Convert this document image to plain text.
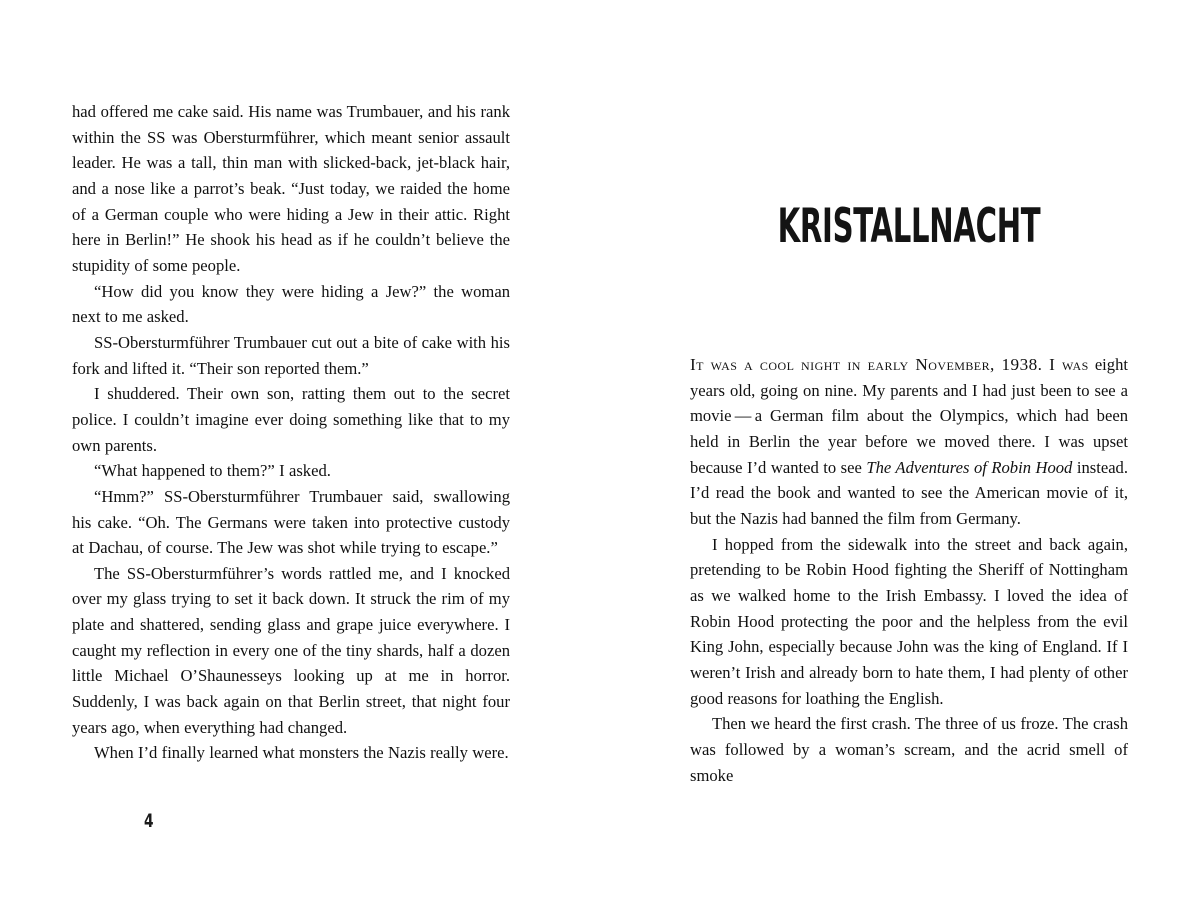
had offered me cake said. His name was Trumbauer, and his rank within the SS was Obersturmführer, which meant senior assault leader. He was a tall, thin man with slicked-back, jet-black hair, and a nose like a parrot’s beak. “Just today, we raided the home of a German couple who were hiding a Jew in their attic. Right here in Berlin!” He shook his head as if he couldn’t believe the stupidity of some people.

“How did you know they were hiding a Jew?” the woman next to me asked.

SS-Obersturmführer Trumbauer cut out a bite of cake with his fork and lifted it. “Their son reported them.”

I shuddered. Their own son, ratting them out to the secret police. I couldn’t imagine ever doing something like that to my own parents.

“What happened to them?” I asked.

“Hmm?” SS-Obersturmführer Trumbauer said, swallowing his cake. “Oh. The Germans were taken into protective custody at Dachau, of course. The Jew was shot while trying to escape.”

The SS-Obersturmführer’s words rattled me, and I knocked over my glass trying to set it back down. It struck the rim of my plate and shattered, sending glass and grape juice everywhere. I caught my reflection in every one of the tiny shards, half a dozen little Michael O’Shaunesseys looking up at me in horror. Suddenly, I was back again on that Berlin street, that night four years ago, when everything had changed.

When I’d finally learned what monsters the Nazis really were.

4
KRISTALLNACHT

It was a cool night in early November, 1938. I was eight years old, going on nine. My parents and I had just been to see a movie — a German film about the Olympics, which had been held in Berlin the year before we moved there. I was upset because I’d wanted to see The Adventures of Robin Hood instead. I’d read the book and wanted to see the American movie of it, but the Nazis had banned the film from Germany.

I hopped from the sidewalk into the street and back again, pretending to be Robin Hood fighting the Sheriff of Nottingham as we walked home to the Irish Embassy. I loved the idea of Robin Hood protecting the poor and the helpless from the evil King John, especially because John was the king of England. If I weren’t Irish and already born to hate them, I had plenty of other good reasons for loathing the English.

Then we heard the first crash. The three of us froze. The crash was followed by a woman’s scream, and the acrid smell of smoke
